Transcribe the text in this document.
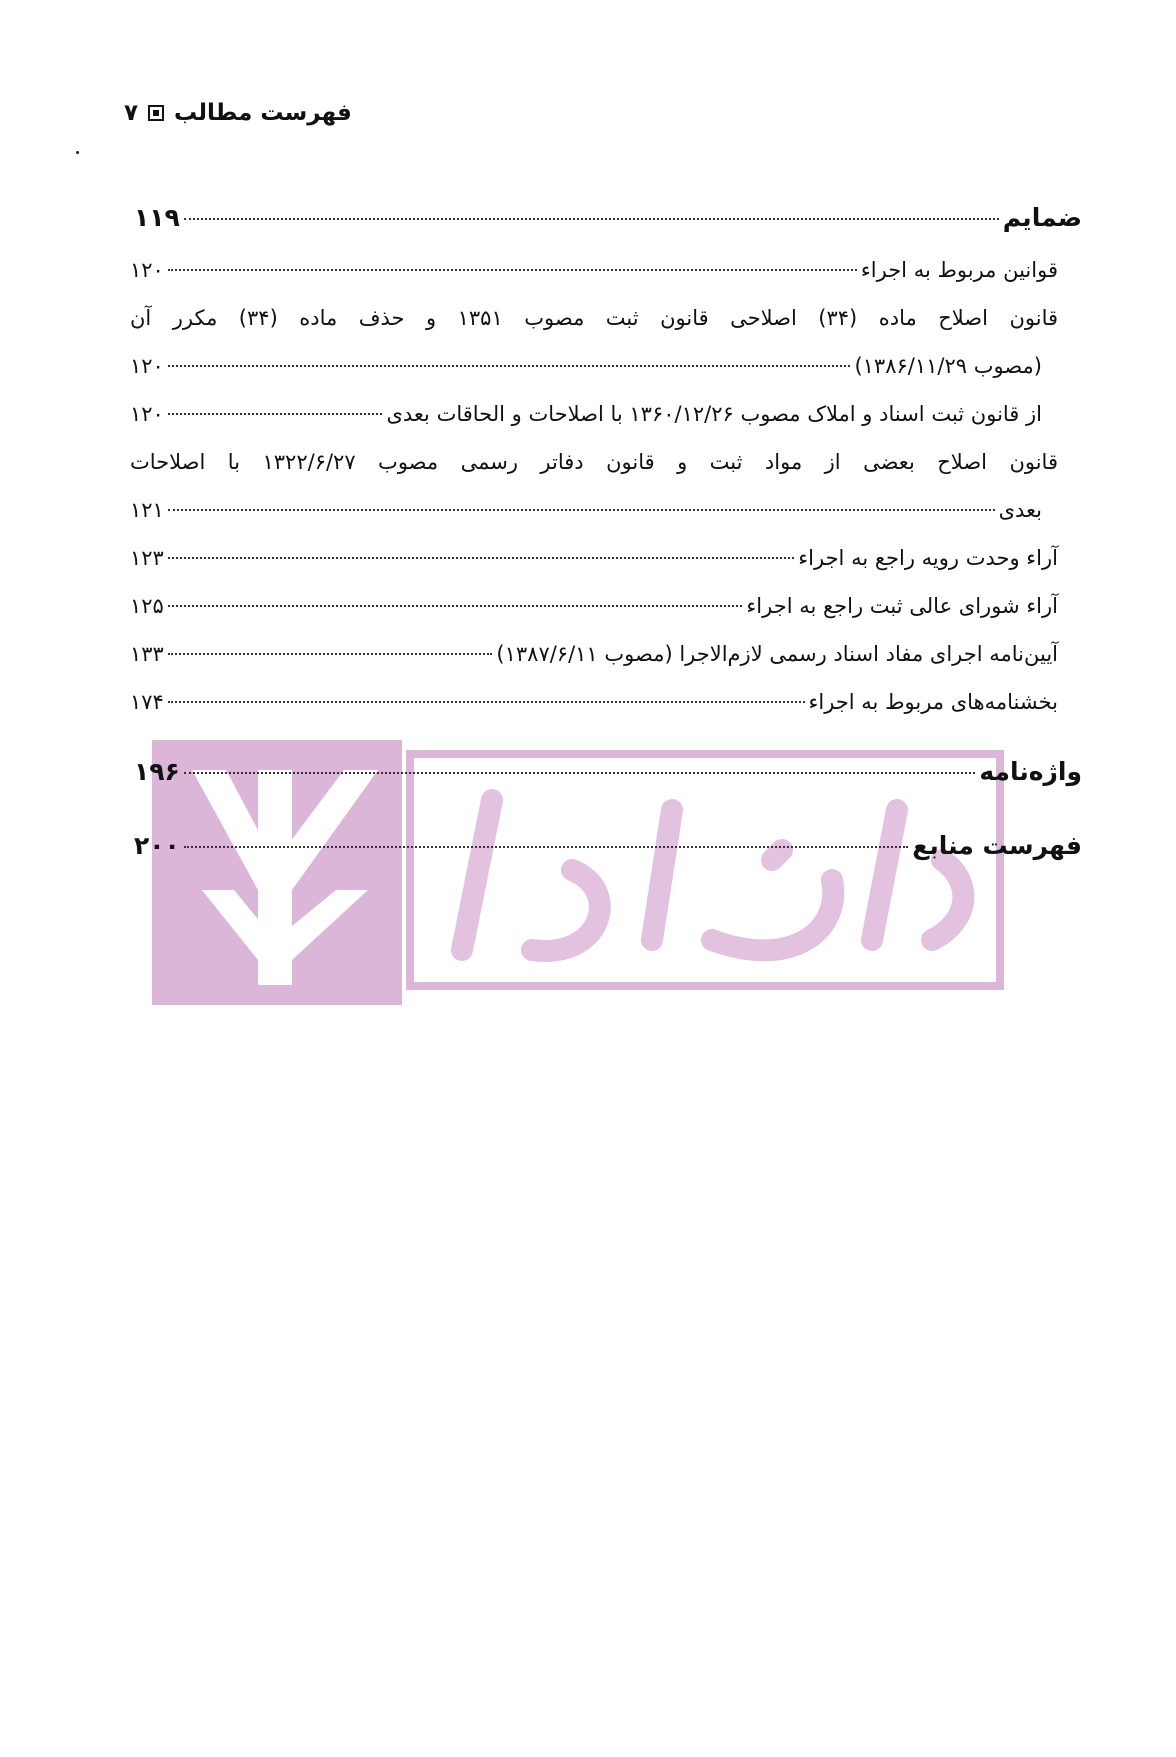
۷ فهرست مطالب
ضمایم
۱۱۹
قوانین مربوط به اجراء
۱۲۰
قانون اصلاح ماده (۳۴) اصلاحی قانون ثبت مصوب ۱۳۵۱ و حذف ماده (۳۴) مکرر آن
(مصوب ۱۳۸۶/۱۱/۲۹)
۱۲۰
از قانون ثبت اسناد و املاک مصوب ۱۳۶۰/۱۲/۲۶ با اصلاحات و الحاقات بعدی
۱۲۰
قانون اصلاح بعضی از مواد ثبت و قانون دفاتر رسمی مصوب ۱۳۲۲/۶/۲۷ با اصلاحات
بعدی
۱۲۱
آراء وحدت رویه راجع به اجراء
۱۲۳
آراء شورای عالی ثبت راجع به اجراء
۱۲۵
آیین‌نامه اجرای مفاد اسناد رسمی لازم‌الاجرا (مصوب ۱۳۸۷/۶/۱۱)
۱۳۳
بخشنامه‌های مربوط به اجراء
۱۷۴
واژه‌نامه
۱۹۶
فهرست منابع
۲۰۰
